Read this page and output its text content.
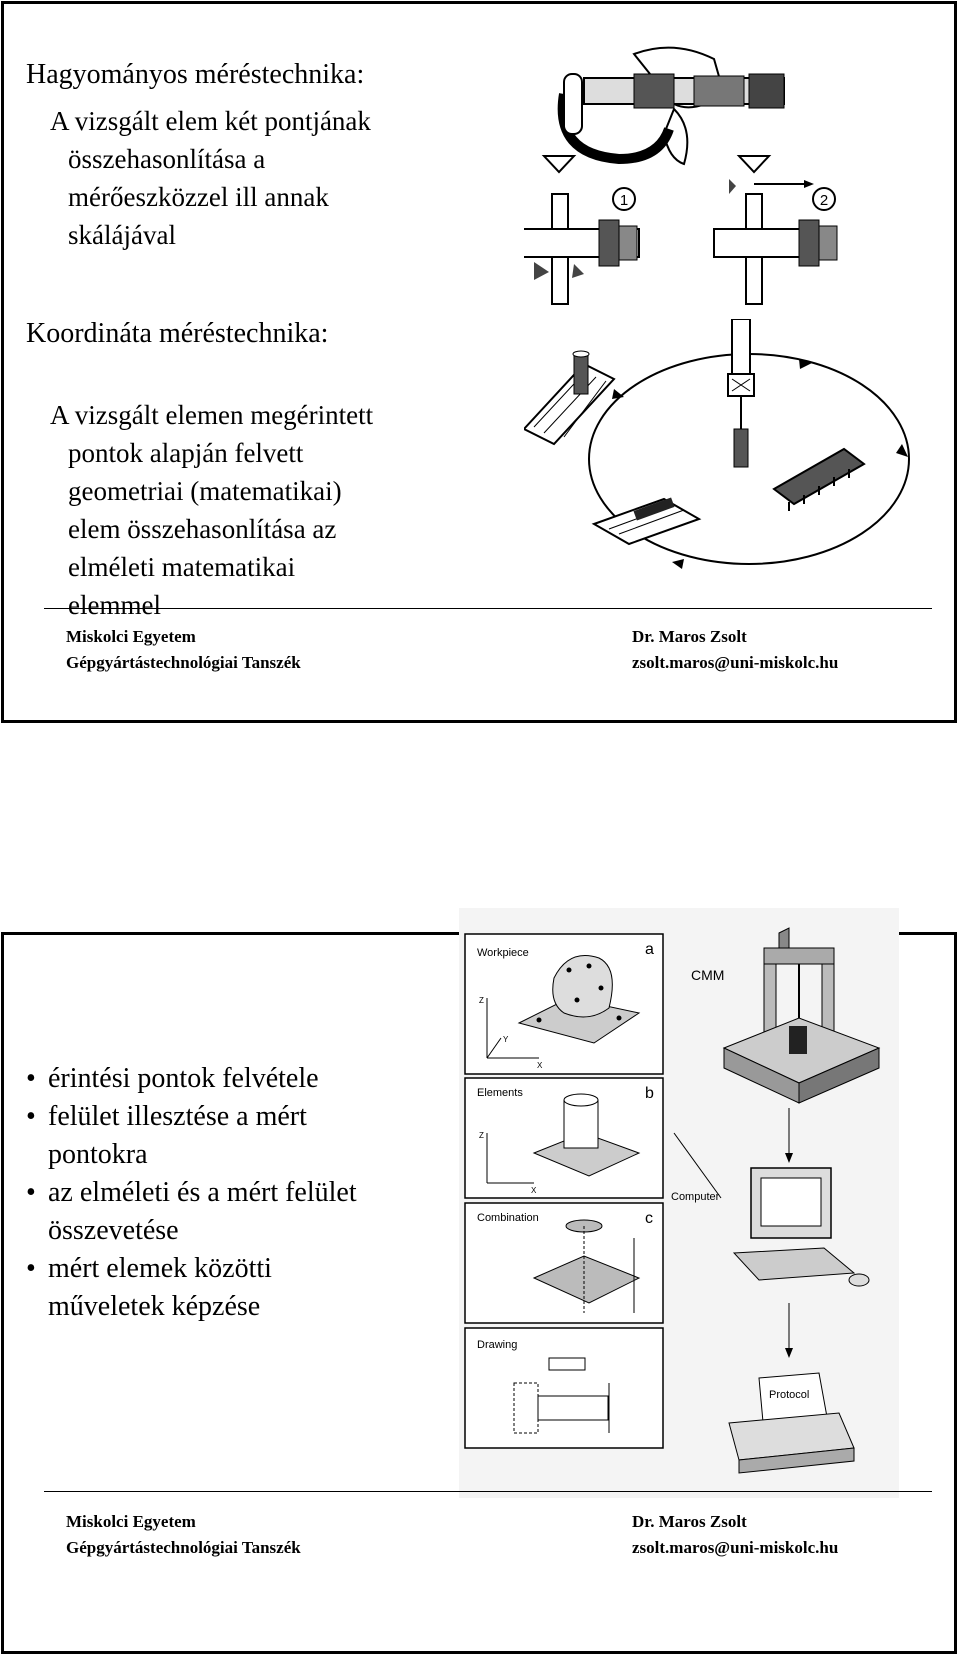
Hagyományos méréstechnika:
A vizsgált elem két pontjának
összehasonlítása a
mérőeszközzel ill annak
skálájával
Koordináta méréstechnika:
A vizsgált elemen megérintett
pontok alapján felvett
geometriai (matematikai)
elem összehasonlítása az
elméleti matematikai
elemmel
1	2
Miskolci Egyetem
Gépgyártástechnológiai Tanszék
Dr. Maros Zsolt
zsolt.maros@uni-miskolc.hu
• érintési pontok felvétele
• felület illesztése a mért
pontokra
• az elméleti és a mért felület
összevetése
• mért elemek közötti
műveletek képzése
Workpiece	a
Z
Y
X
Elements	b
Z
X
Combination	c
Drawing
CMM
Computer
Protocol
Miskolci Egyetem
Gépgyártástechnológiai Tanszék
Dr. Maros Zsolt
zsolt.maros@uni-miskolc.hu
